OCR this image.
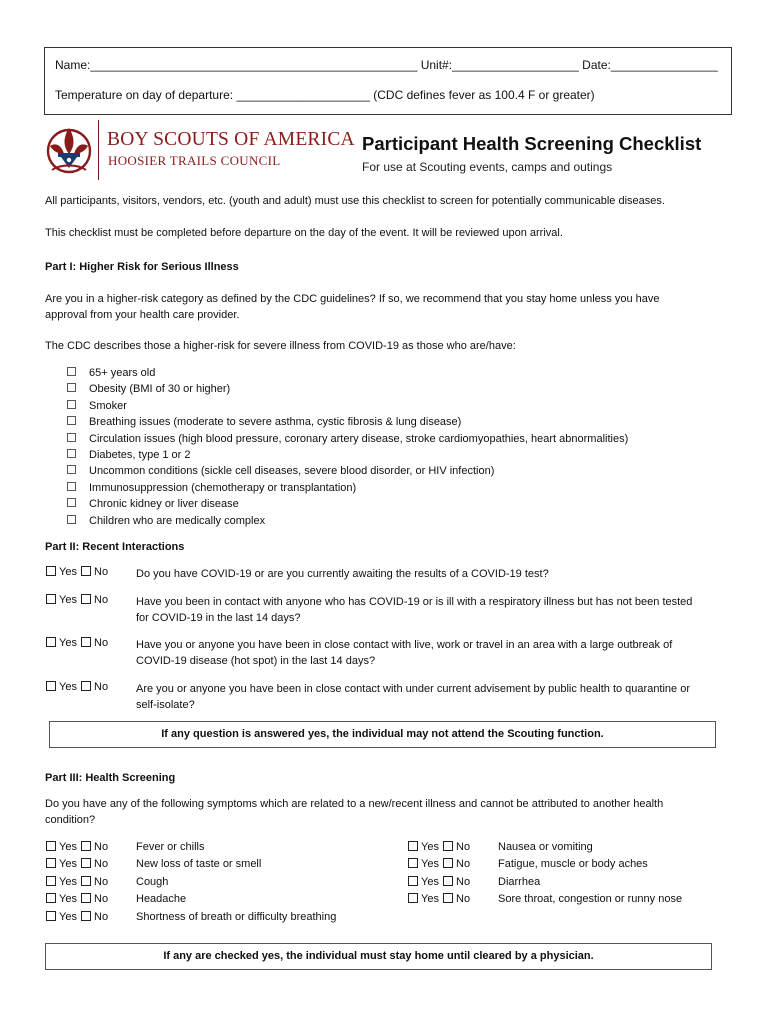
Name:_________________________________________________ Unit#:___________________ Date:________________
Temperature on day of departure: ____________________ (CDC defines fever as 100.4 F or greater)
BOY SCOUTS OF AMERICA
HOOSIER TRAILS COUNCIL
Participant Health Screening Checklist
For use at Scouting events, camps and outings

All participants, visitors, vendors, etc. (youth and adult) must use this checklist to screen for potentially communicable diseases.

This checklist must be completed before departure on the day of the event. It will be reviewed upon arrival.

Part I: Higher Risk for Serious Illness

Are you in a higher-risk category as defined by the CDC guidelines? If so, we recommend that you stay home unless you have

approval from your health care provider.

The CDC describes those a higher-risk for severe illness from COVID-19 as those who are/have:

65+ years old
Obesity (BMI of 30 or higher)
Smoker
Breathing issues (moderate to severe asthma, cystic fibrosis & lung disease)
Circulation issues (high blood pressure, coronary artery disease, stroke cardiomyopathies, heart abnormalities)
Diabetes, type 1 or 2
Uncommon conditions (sickle cell diseases, severe blood disorder, or HIV infection)
Immunosuppression (chemotherapy or transplantation)
Chronic kidney or liver disease
Children who are medically complex

Part II: Recent Interactions

Yes No	Do you have COVID-19 or are you currently awaiting the results of a COVID-19 test?
Yes No	Have you been in contact with anyone who has COVID-19 or is ill with a respiratory illness but has not been tested
for COVID-19 in the last 14 days?
Yes No	Have you or anyone you have been in close contact with live, work or travel in an area with a large outbreak of
COVID-19 disease (hot spot) in the last 14 days?
Yes No	Are you or anyone you have been in close contact with under current advisement by public health to quarantine or
self-isolate?
If any question is answered yes, the individual may not attend the Scouting function.

Part III: Health Screening

Do you have any of the following symptoms which are related to a new/recent illness and cannot be attributed to another health

condition?

Yes No	Fever or chills
Yes No	New loss of taste or smell
Yes No	Cough
Yes No	Headache
Yes No	Shortness of breath or difficulty breathing
Yes No	Nausea or vomiting
Yes No	Fatigue, muscle or body aches
Yes No	Diarrhea
Yes No	Sore throat, congestion or runny nose
If any are checked yes, the individual must stay home until cleared by a physician.
